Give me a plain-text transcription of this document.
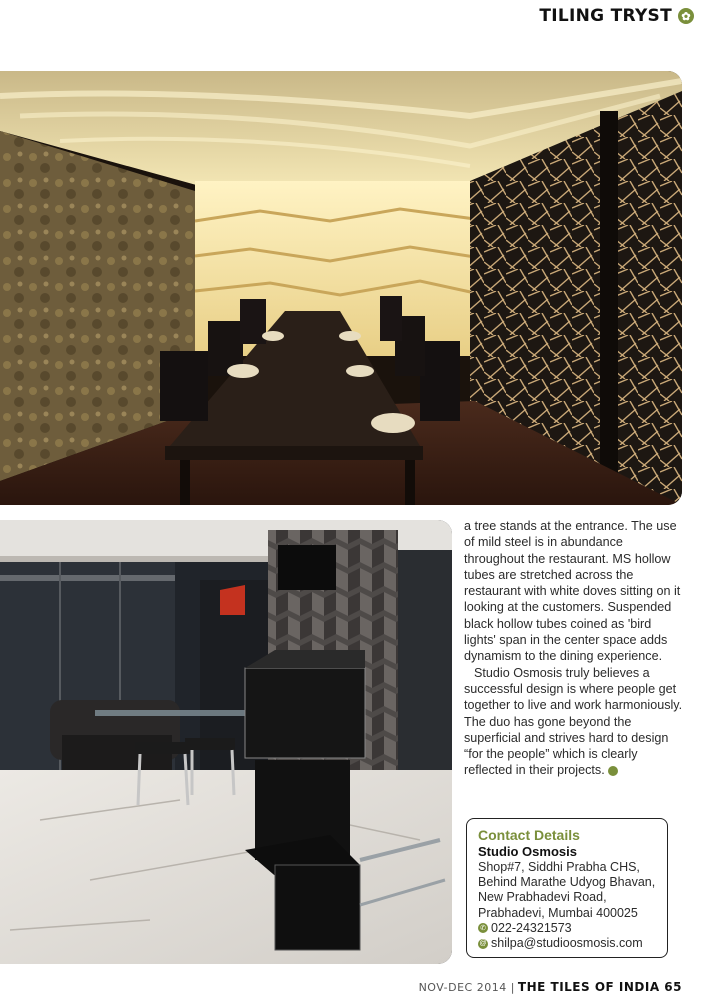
TILING TRYST ✿

a tree stands at the entrance. The use of mild steel is in abundance throughout the restaurant. MS hollow tubes are stretched across the restaurant with white doves sitting on it looking at the customers. Suspended black hollow tubes coined as 'bird lights' span in the center space adds dynamism to the dining experience.

Studio Osmosis truly believes a successful design is where people get together to live and work harmoniously. The duo has gone beyond the superficial and strives hard to design “for the people” which is clearly reflected in their projects. ✿

Contact Details
Studio Osmosis
Shop#7, Siddhi Prabha CHS, Behind Marathe Udyog Bhavan, New Prabhadevi Road, Prabhadevi, Mumbai 400025
✆ 022-24321573
@ shilpa@studioosmosis.com
NOV-DEC 2014 | THE TILES OF INDIA 65
